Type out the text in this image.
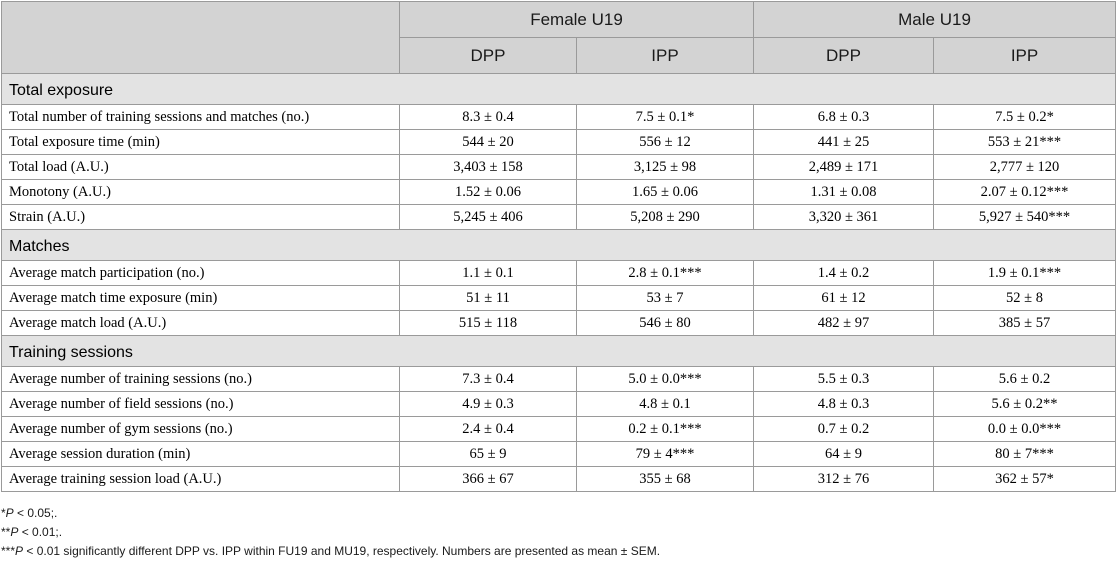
	Female U19		Male U19	
	DPP	IPP	DPP	IPP
Total exposure				
Total number of training sessions and matches (no.)	8.3 ± 0.4	7.5 ± 0.1*	6.8 ± 0.3	7.5 ± 0.2*
Total exposure time (min)	544 ± 20	556 ± 12	441 ± 25	553 ± 21***
Total load (A.U.)	3,403 ± 158	3,125 ± 98	2,489 ± 171	2,777 ± 120
Monotony (A.U.)	1.52 ± 0.06	1.65 ± 0.06	1.31 ± 0.08	2.07 ± 0.12***
Strain (A.U.)	5,245 ± 406	5,208 ± 290	3,320 ± 361	5,927 ± 540***
Matches				
Average match participation (no.)	1.1 ± 0.1	2.8 ± 0.1***	1.4 ± 0.2	1.9 ± 0.1***
Average match time exposure (min)	51 ± 11	53 ± 7	61 ± 12	52 ± 8
Average match load (A.U.)	515 ± 118	546 ± 80	482 ± 97	385 ± 57
Training sessions				
Average number of training sessions (no.)	7.3 ± 0.4	5.0 ± 0.0***	5.5 ± 0.3	5.6 ± 0.2
Average number of field sessions (no.)	4.9 ± 0.3	4.8 ± 0.1	4.8 ± 0.3	5.6 ± 0.2**
Average number of gym sessions (no.)	2.4 ± 0.4	0.2 ± 0.1***	0.7 ± 0.2	0.0 ± 0.0***
Average session duration (min)	65 ± 9	79 ± 4***	64 ± 9	80 ± 7***
Average training session load (A.U.)	366 ± 67	355 ± 68	312 ± 76	362 ± 57*
*P < 0.05;.
**P < 0.01;.
***P < 0.01 significantly different DPP vs. IPP within FU19 and MU19, respectively. Numbers are presented as mean ± SEM.
